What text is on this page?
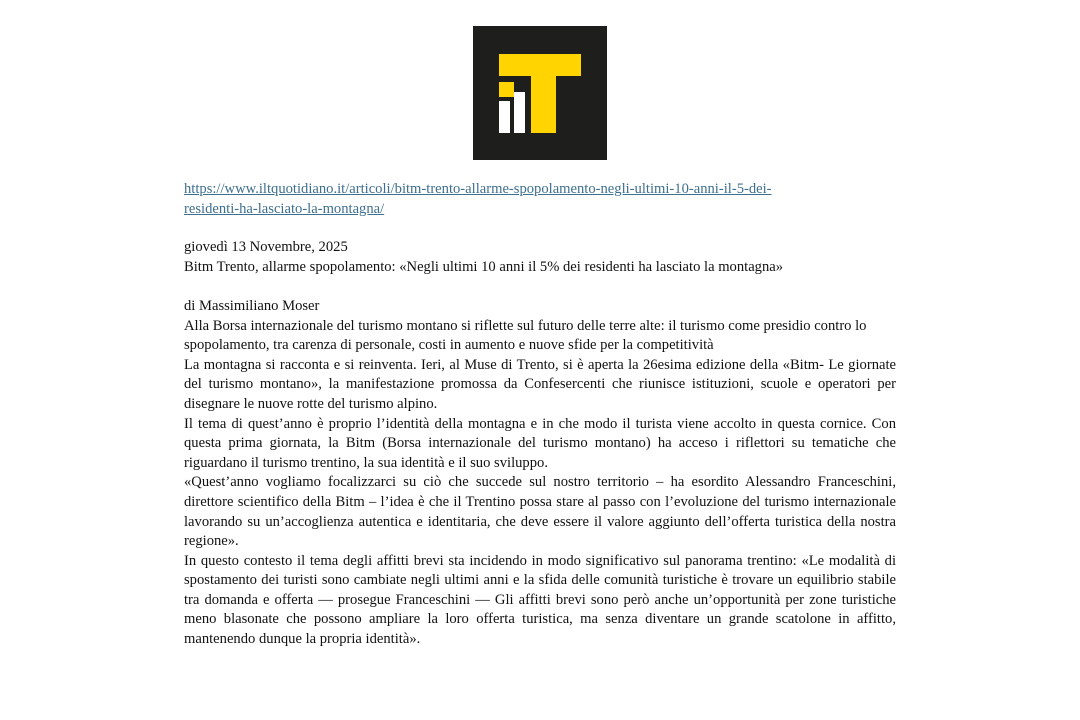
https://www.iltquotidiano.it/articoli/bitm-trento-allarme-spopolamento-negli-ultimi-10-anni-il-5-dei-
residenti-ha-lasciato-la-montagna/
giovedì 13 Novembre, 2025
Bitm Trento, allarme spopolamento: «Negli ultimi 10 anni il 5% dei residenti ha lasciato la montagna»
di Massimiliano Moser

Alla Borsa internazionale del turismo montano si riflette sul futuro delle terre alte: il turismo come presidio contro lo spopolamento, tra carenza di personale, costi in aumento e nuove sfide per la competitività

La montagna si racconta e si reinventa. Ieri, al Muse di Trento, si è aperta la 26esima edizione della «Bitm- Le giornate del turismo montano», la manifestazione promossa da Confesercenti che riunisce istituzioni, scuole e operatori per disegnare le nuove rotte del turismo alpino.

Il tema di quest’anno è proprio l’identità della montagna e in che modo il turista viene accolto in questa cornice. Con questa prima giornata, la Bitm (Borsa internazionale del turismo montano) ha acceso i riflettori su tematiche che riguardano il turismo trentino, la sua identità e il suo sviluppo.

«Quest’anno vogliamo focalizzarci su ciò che succede sul nostro territorio – ha esordito Alessandro Franceschini, direttore scientifico della Bitm – l’idea è che il Trentino possa stare al passo con l’evoluzione del turismo internazionale lavorando su un’accoglienza autentica e identitaria, che deve essere il valore aggiunto dell’offerta turistica della nostra regione».

In questo contesto il tema degli affitti brevi sta incidendo in modo significativo sul panorama trentino: «Le modalità di spostamento dei turisti sono cambiate negli ultimi anni e la sfida delle comunità turistiche è trovare un equilibrio stabile tra domanda e offerta — prosegue Franceschini — Gli affitti brevi sono però anche un’opportunità per zone turistiche meno blasonate che possono ampliare la loro offerta turistica, ma senza diventare un grande scatolone in affitto, mantenendo dunque la propria identità».
